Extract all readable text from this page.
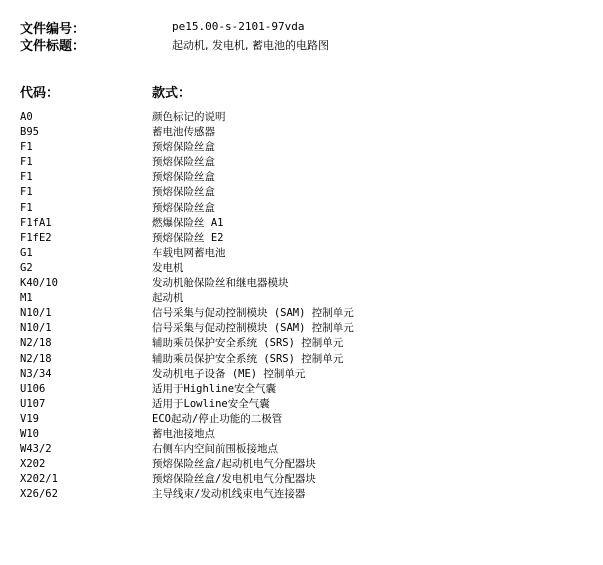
文件编号：	pe15.00-s-2101-97vda
文件标题：	起动机, 发电机, 蓄电池的电路图
代码：	款式：
A0	颜色标记的说明
B95	蓄电池传感器
F1	预熔保险丝盒
F1	预熔保险丝盒
F1	预熔保险丝盒
F1	预熔保险丝盒
F1	预熔保险丝盒
F1fA1	燃爆保险丝 A1
F1fE2	预熔保险丝 E2
G1	车载电网蓄电池
G2	发电机
K40/10	发动机舱保险丝和继电器模块
M1	起动机
N10/1	信号采集与促动控制模块 (SAM) 控制单元
N10/1	信号采集与促动控制模块 (SAM) 控制单元
N2/18	辅助乘员保护安全系统 (SRS) 控制单元
N2/18	辅助乘员保护安全系统 (SRS) 控制单元
N3/34	发动机电子设备 (ME) 控制单元
U106	适用于Highline安全气囊
U107	适用于Lowline安全气囊
V19	ECO起动/停止功能的二极管
W10	蓄电池接地点
W43/2	右侧车内空间前围板接地点
X202	预熔保险丝盒/起动机电气分配器块
X202/1	预熔保险丝盒/发电机电气分配器块
X26/62	主导线束/发动机线束电气连接器
